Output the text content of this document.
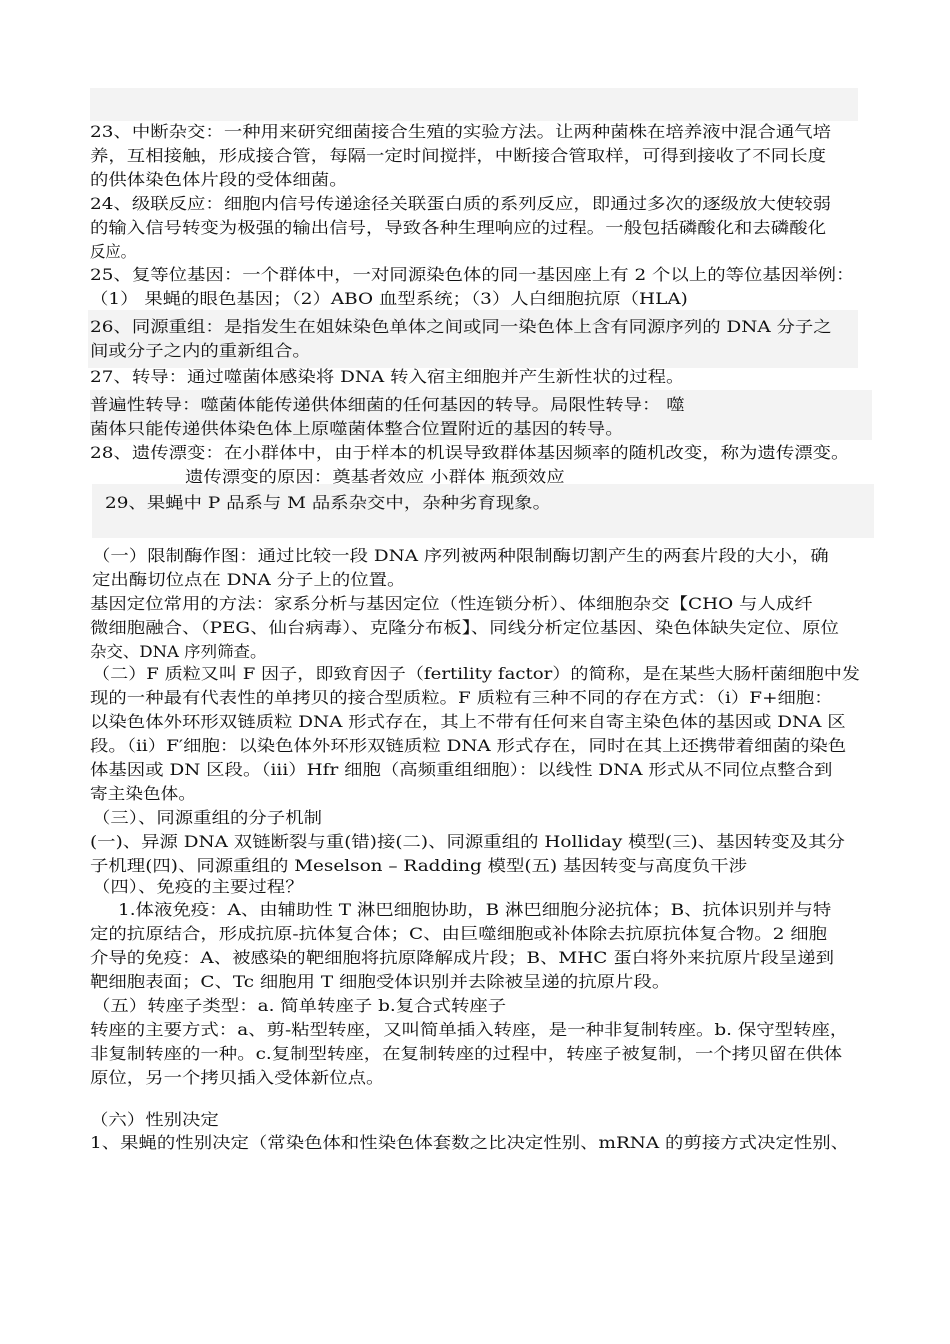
23、中断杂交：一种用来研究细菌接合生殖的实验方法。让两种菌株在培养液中混合通气培
养，互相接触，形成接合管，每隔一定时间搅拌，中断接合管取样，可得到接收了不同长度
的供体染色体片段的受体细菌。
24、级联反应：细胞内信号传递途径关联蛋白质的系列反应，即通过多次的逐级放大使较弱
的输入信号转变为极强的输出信号，导致各种生理响应的过程。一般包括磷酸化和去磷酸化
反应。
25、复等位基因：一个群体中，一对同源染色体的同一基因座上有 2 个以上的等位基因举例：
（1） 果蝇的眼色基因；（2）ABO 血型系统；（3）人白细胞抗原（HLA)
26、同源重组：是指发生在姐妹染色单体之间或同一染色体上含有同源序列的 DNA 分子之
间或分子之内的重新组合。
27、转导：通过噬菌体感染将 DNA 转入宿主细胞并产生新性状的过程。
普遍性转导：噬菌体能传递供体细菌的任何基因的转导。局限性转导： 噬
菌体只能传递供体染色体上原噬菌体整合位置附近的基因的转导。
28、遗传漂变：在小群体中，由于样本的机误导致群体基因频率的随机改变，称为遗传漂变。
遗传漂变的原因：奠基者效应 小群体 瓶颈效应
29、果蝇中 P 品系与 M 品系杂交中，杂种劣育现象。
（一）限制酶作图：通过比较一段 DNA 序列被两种限制酶切割产生的两套片段的大小，确
定出酶切位点在 DNA 分子上的位置。
基因定位常用的方法：家系分析与基因定位（性连锁分析）、体细胞杂交【CHO 与人成纤
微细胞融合、（PEG、仙台病毒）、克隆分布板】、同线分析定位基因、染色体缺失定位、原位
杂交、DNA 序列筛查。
（二）F 质粒又叫 F 因子，即致育因子（fertility factor）的简称，是在某些大肠杆菌细胞中发
现的一种最有代表性的单拷贝的接合型质粒。F 质粒有三种不同的存在方式：（i）F+细胞：
以染色体外环形双链质粒 DNA 形式存在，其上不带有任何来自寄主染色体的基因或 DNA 区
段。（ii）F′细胞：以染色体外环形双链质粒 DNA 形式存在，同时在其上还携带着细菌的染色
体基因或 DN 区段。（iii）Hfr 细胞（高频重组细胞）：以线性 DNA 形式从不同位点整合到
寄主染色体。
（三）、同源重组的分子机制
(一)、异源 DNA 双链断裂与重(错)接(二)、同源重组的 Holliday 模型(三)、基因转变及其分
子机理(四)、同源重组的 Meselson – Radding 模型(五) 基因转变与高度负干涉
（四）、免疫的主要过程？
1.体液免疫：A、由辅助性 T 淋巴细胞协助，B 淋巴细胞分泌抗体；B、抗体识别并与特
定的抗原结合，形成抗原-抗体复合体；C、由巨噬细胞或补体除去抗原抗体复合物。2 细胞
介导的免疫：A、被感染的靶细胞将抗原降解成片段；B、MHC 蛋白将外来抗原片段呈递到
靶细胞表面；C、Tc 细胞用 T 细胞受体识别并去除被呈递的抗原片段。
（五）转座子类型：a. 简单转座子 b.复合式转座子
转座的主要方式：a、剪-粘型转座，又叫简单插入转座，是一种非复制转座。b. 保守型转座，
非复制转座的一种。c.复制型转座，在复制转座的过程中，转座子被复制，一个拷贝留在供体
原位，另一个拷贝插入受体新位点。
（六）性别决定
1、果蝇的性别决定（常染色体和性染色体套数之比决定性别、mRNA 的剪接方式决定性别、
